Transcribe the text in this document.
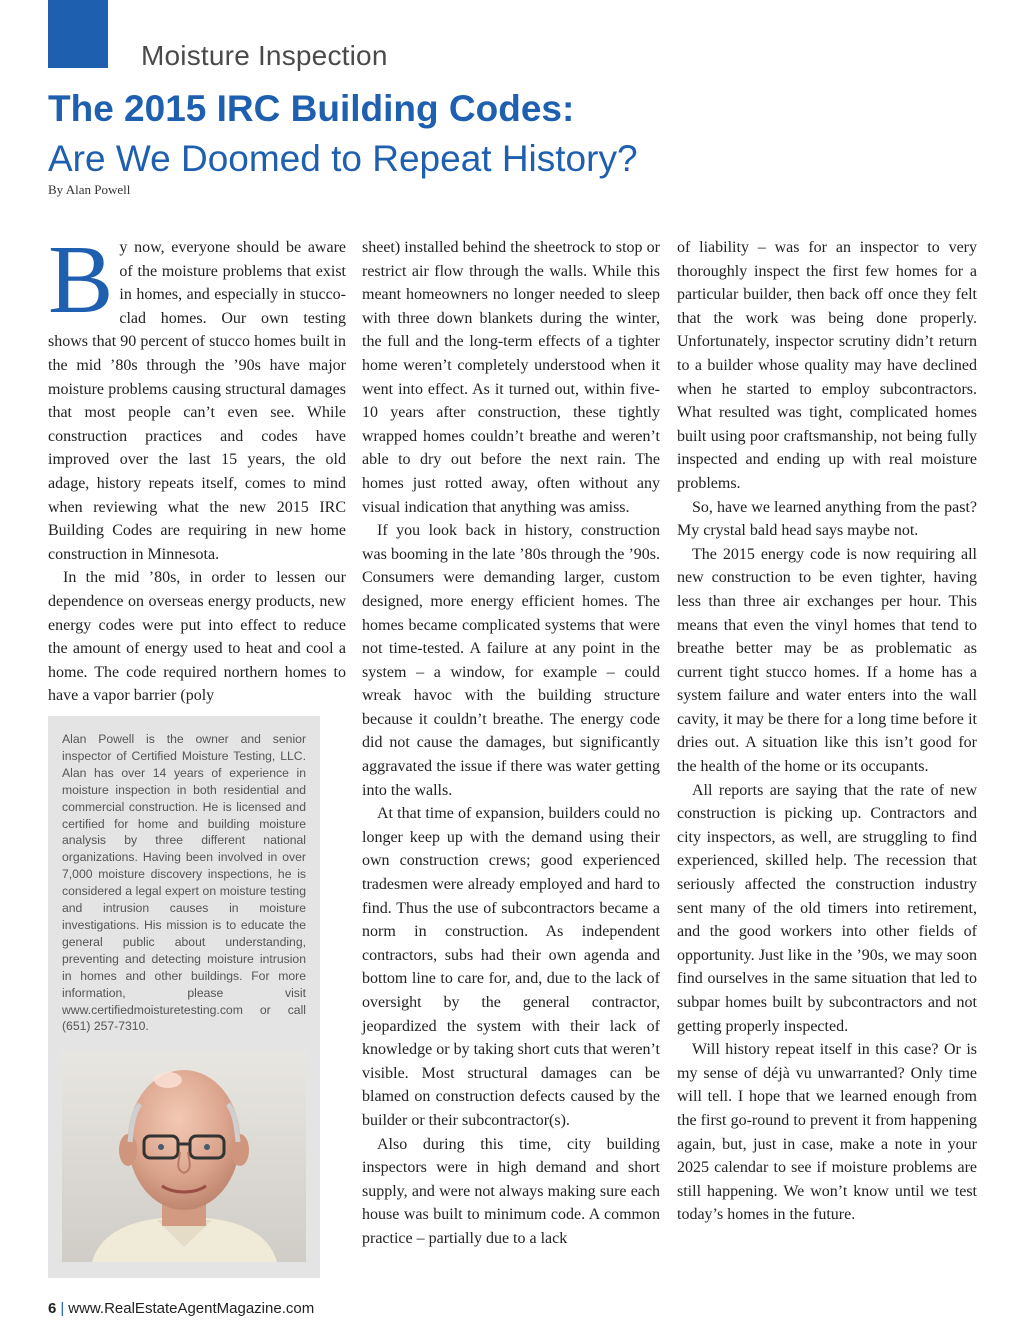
Moisture Inspection
The 2015 IRC Building Codes:
Are We Doomed to Repeat History?
By Alan Powell

By now, everyone should be aware of the moisture problems that exist in homes, and especially in stucco-clad homes. Our own testing shows that 90 percent of stucco homes built in the mid ’80s through the ’90s have major moisture problems causing structural damages that most people can’t even see. While construction practices and codes have improved over the last 15 years, the old adage, history repeats itself, comes to mind when reviewing what the new 2015 IRC Building Codes are requiring in new home construction in Minnesota.

In the mid ’80s, in order to lessen our dependence on overseas energy products, new energy codes were put into effect to reduce the amount of energy used to heat and cool a home. The code required northern homes to have a vapor barrier (poly

sheet) installed behind the sheetrock to stop or restrict air flow through the walls. While this meant homeowners no longer needed to sleep with three down blankets during the winter, the full and the long-term effects of a tighter home weren’t completely understood when it went into effect. As it turned out, within five-10 years after construction, these tightly wrapped homes couldn’t breathe and weren’t able to dry out before the next rain. The homes just rotted away, often without any visual indication that anything was amiss.

If you look back in history, construction was booming in the late ’80s through the ’90s. Consumers were demanding larger, custom designed, more energy efficient homes. The homes became complicated systems that were not time-tested. A failure at any point in the system – a window, for example – could wreak havoc with the building structure because it couldn’t breathe. The energy code did not cause the damages, but significantly aggravated the issue if there was water getting into the walls.

At that time of expansion, builders could no longer keep up with the demand using their own construction crews; good experienced tradesmen were already employed and hard to find. Thus the use of subcontractors became a norm in construction. As independent contractors, subs had their own agenda and bottom line to care for, and, due to the lack of oversight by the general contractor, jeopardized the system with their lack of knowledge or by taking short cuts that weren’t visible. Most structural damages can be blamed on construction defects caused by the builder or their subcontractor(s).

Also during this time, city building inspectors were in high demand and short supply, and were not always making sure each house was built to minimum code. A common practice – partially due to a lack

of liability – was for an inspector to very thoroughly inspect the first few homes for a particular builder, then back off once they felt that the work was being done properly. Unfortunately, inspector scrutiny didn’t return to a builder whose quality may have declined when he started to employ subcontractors. What resulted was tight, complicated homes built using poor craftsmanship, not being fully inspected and ending up with real moisture problems.

So, have we learned anything from the past? My crystal bald head says maybe not.

The 2015 energy code is now requiring all new construction to be even tighter, having less than three air exchanges per hour. This means that even the vinyl homes that tend to breathe better may be as problematic as current tight stucco homes. If a home has a system failure and water enters into the wall cavity, it may be there for a long time before it dries out. A situation like this isn’t good for the health of the home or its occupants.

All reports are saying that the rate of new construction is picking up. Contractors and city inspectors, as well, are struggling to find experienced, skilled help. The recession that seriously affected the construction industry sent many of the old timers into retirement, and the good workers into other fields of opportunity. Just like in the ’90s, we may soon find ourselves in the same situation that led to subpar homes built by subcontractors and not getting properly inspected.

Will history repeat itself in this case? Or is my sense of déjà vu unwarranted? Only time will tell. I hope that we learned enough from the first go-round to prevent it from happening again, but, just in case, make a note in your 2025 calendar to see if moisture problems are still happening. We won’t know until we test today’s homes in the future.

Alan Powell is the owner and senior inspector of Certified Moisture Testing, LLC. Alan has over 14 years of experience in moisture inspection in both residential and commercial construction. He is licensed and certified for home and building moisture analysis by three different national organizations. Having been involved in over 7,000 moisture discovery inspections, he is considered a legal expert on moisture testing and intrusion causes in moisture investigations. His mission is to educate the general public about understanding, preventing and detecting moisture intrusion in homes and other buildings. For more information, please visit www.certifiedmoisturetesting.com or call (651) 257-7310.
6 | www.RealEstateAgentMagazine.com
